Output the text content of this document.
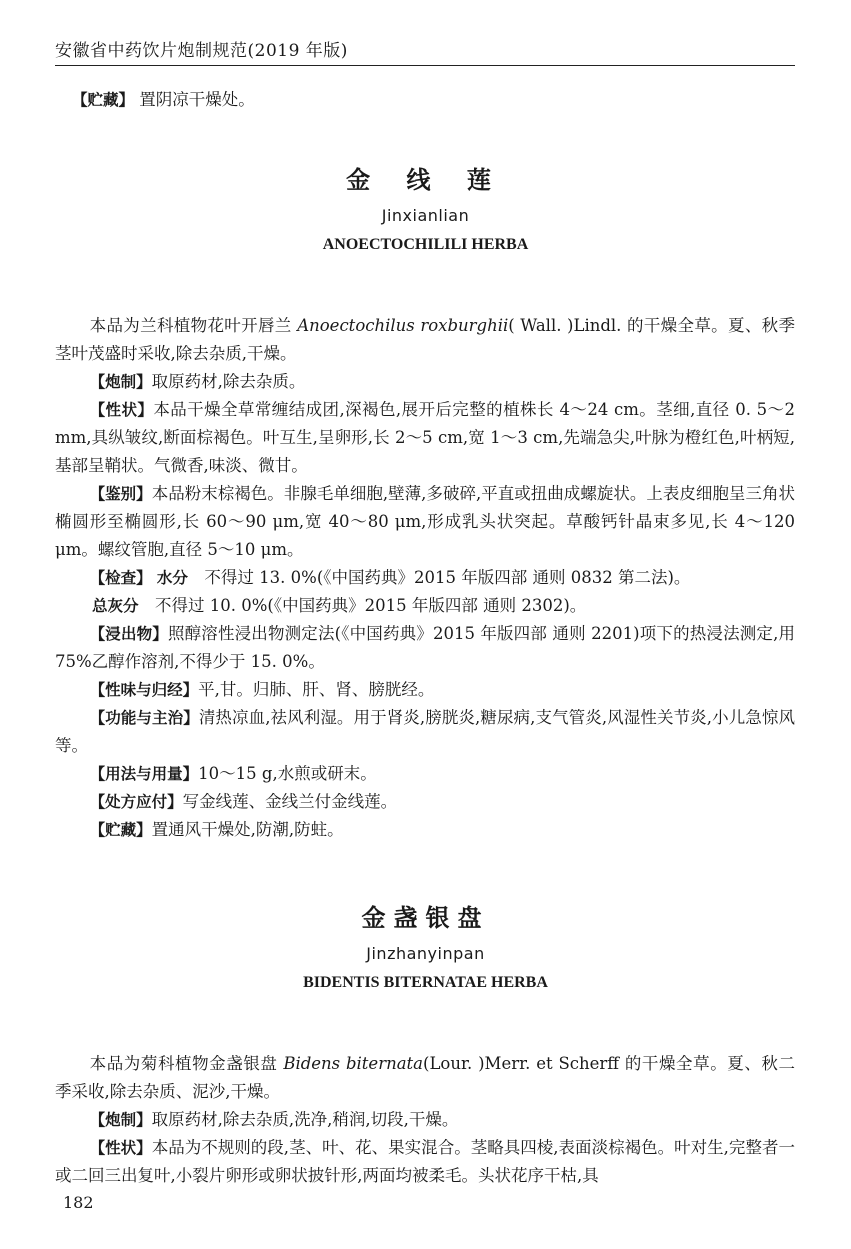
安徽省中药饮片炮制规范(2019 年版)

【贮藏】 置阴凉干燥处。

金 线 莲
Jinxianlian
ANOECTOCHILILI HERBA

本品为兰科植物花叶开唇兰 Anoectochilus roxburghii( Wall. )Lindl. 的干燥全草。夏、秋季茎叶茂盛时采收,除去杂质,干燥。

【炮制】取原药材,除去杂质。

【性状】本品干燥全草常缠结成团,深褐色,展开后完整的植株长 4～24 cm。茎细,直径 0. 5～2 mm,具纵皱纹,断面棕褐色。叶互生,呈卵形,长 2～5 cm,宽 1～3 cm,先端急尖,叶脉为橙红色,叶柄短,基部呈鞘状。气微香,味淡、微甘。

【鉴别】本品粉末棕褐色。非腺毛单细胞,壁薄,多破碎,平直或扭曲成螺旋状。上表皮细胞呈三角状椭圆形至椭圆形,长 60～90 μm,宽 40～80 μm,形成乳头状突起。草酸钙针晶束多见,长 4～120 μm。螺纹管胞,直径 5～10 μm。

【检查】 水分　 不得过 13. 0%(《中国药典》2015 年版四部 通则 0832 第二法)。

总灰分　 不得过 10. 0%(《中国药典》2015 年版四部 通则 2302)。

【浸出物】照醇溶性浸出物测定法(《中国药典》2015 年版四部 通则 2201)项下的热浸法测定,用 75%乙醇作溶剂,不得少于 15. 0%。

【性味与归经】平,甘。归肺、肝、肾、膀胱经。

【功能与主治】清热凉血,祛风利湿。用于肾炎,膀胱炎,糖尿病,支气管炎,风湿性关节炎,小儿急惊风等。

【用法与用量】10～15 g,水煎或研末。

【处方应付】写金线莲、金线兰付金线莲。

【贮藏】置通风干燥处,防潮,防蛀。

金盏银盘
Jinzhanyinpan
BIDENTIS BITERNATAE HERBA

本品为菊科植物金盏银盘 Bidens biternata(Lour. )Merr. et Scherff 的干燥全草。夏、秋二季采收,除去杂质、泥沙,干燥。

【炮制】取原药材,除去杂质,洗净,稍润,切段,干燥。

【性状】本品为不规则的段,茎、叶、花、果实混合。茎略具四棱,表面淡棕褐色。叶对生,完整者一或二回三出复叶,小裂片卵形或卵状披针形,两面均被柔毛。头状花序干枯,具

182
